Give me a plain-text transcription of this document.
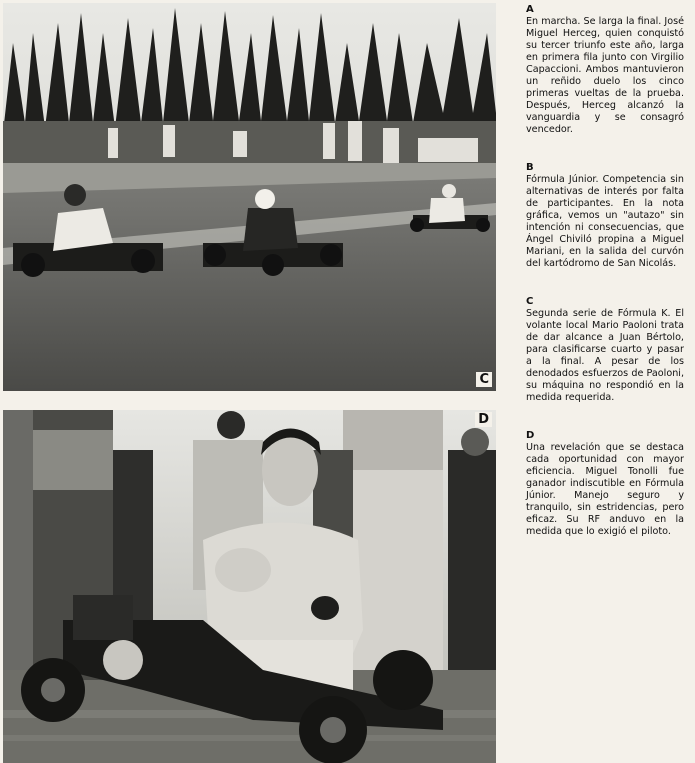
C
D
A
En marcha. Se larga la final. José Miguel Herceg, quien conquistó su tercer triunfo este año, larga en primera fila junto con Virgilio Capaccioni. Ambos mantuvieron un reñido duelo los cinco primeras vueltas de la prueba. Después, Herceg alcanzó la vanguardia y se consagró vencedor.
B
Fórmula Júnior. Competencia sin alternativas de interés por falta de participantes. En la nota gráfica, vemos un "autazo" sin intención ni consecuencias, que Ángel Chiviló propina a Miguel Mariani, en la salida del curvón del kartódromo de San Nicolás.
C
Segunda serie de Fórmula K. El volante local Mario Paoloni trata de dar alcance a Juan Bértolo, para clasificarse cuarto y pasar a la final. A pesar de los denodados esfuerzos de Paoloni, su máquina no respondió en la medida requerida.
D
Una revelación que se destaca cada oportunidad con mayor eficiencia. Miguel Tonolli fue ganador indiscutible en Fórmula Júnior. Manejo seguro y tranquilo, sin estridencias, pero eficaz. Su RF anduvo en la medida que lo exigió el piloto.
